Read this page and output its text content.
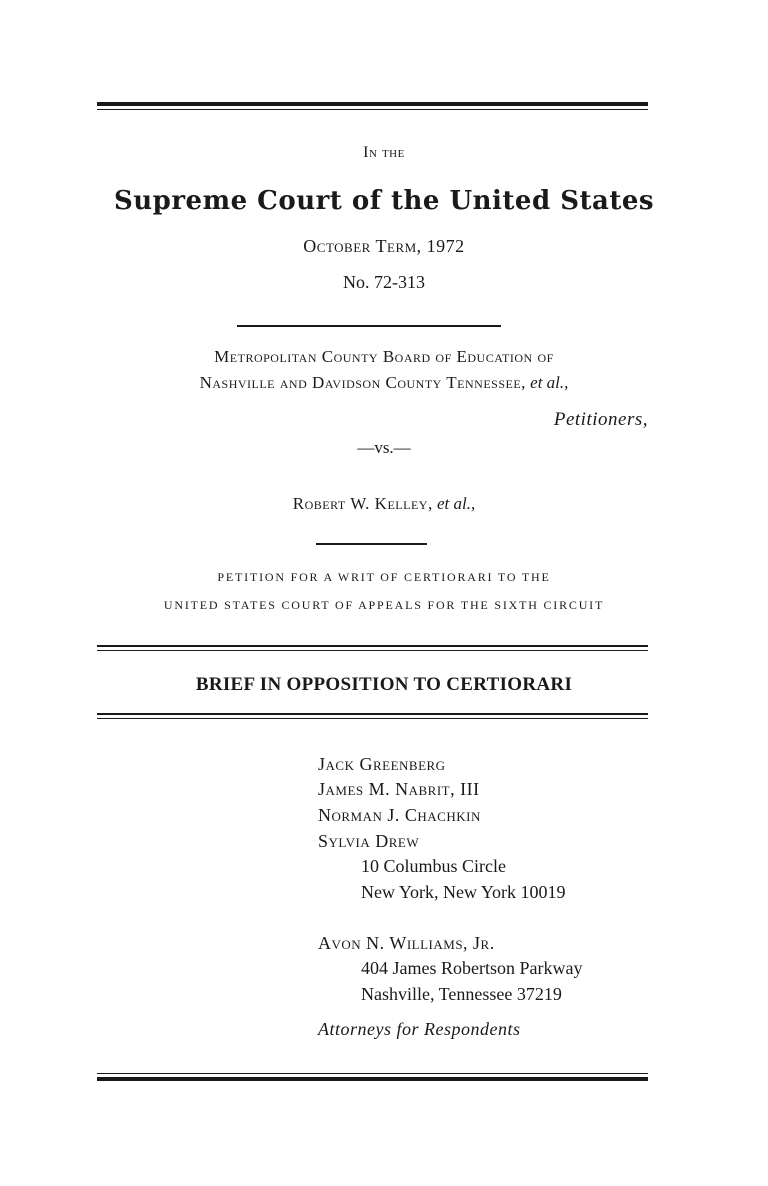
In the
Supreme Court of the United States
October Term, 1972
No. 72-313
Metropolitan County Board of Education of
Nashville and Davidson County Tennessee, et al.,
Petitioners,
—vs.—
Robert W. Kelley, et al.,
PETITION FOR A WRIT OF CERTIORARI TO THE
UNITED STATES COURT OF APPEALS FOR THE SIXTH CIRCUIT
BRIEF IN OPPOSITION TO CERTIORARI
Jack Greenberg
James M. Nabrit, III
Norman J. Chachkin
Sylvia Drew
10 Columbus Circle
New York, New York 10019
Avon N. Williams, Jr.
404 James Robertson Parkway
Nashville, Tennessee 37219
Attorneys for Respondents
